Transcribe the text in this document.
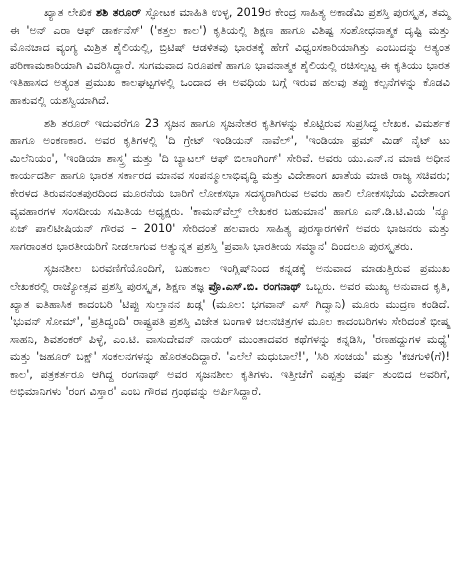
ಖ್ಯಾತ ಲೇಖಿಕ ಶಶಿ ತರೂರ್ ಸ್ಫೋಟಕ ಮಾಹಿತಿ ಉಳ್ಳ, 2019ರ ಕೇಂದ್ರ ಸಾಹಿತ್ಯ ಅಕಾಡೆಮಿ ಪ್ರಶಸ್ತಿ ಪುರಸ್ಕೃತ, ತಮ್ಮ ಈ 'ಅನ್ ಎರಾ ಆಫ್ ಡಾರ್ಕನೆಸ್' ('ಕತ್ತಲ ಕಾಲ') ಕೃತಿಯಲ್ಲಿ ಶಿಕ್ಷಣ ಹಾಗೂ ವಿಶಿಷ್ಟ ಸಂಶೋಧನಾತ್ಮಕ ದೃಷ್ಟಿ ಮತ್ತು ಮೊನಚಾದ ವ್ಯಂಗ್ಯ ಮಿಶ್ರಿತ ಶೈಲಿಯಲ್ಲಿ, ಬ್ರಿಟಿಷ್ ಆಡಳಿತವು ಭಾರತಕ್ಕೆ ಹೇಗೆ ವಿಧ್ವಂಸಕಾರಿಯಾಗಿತ್ತು ಎಂಬುದನ್ನು ಅತ್ಯಂತ ಪರಿಣಾಮಕಾರಿಯಾಗಿ ವಿವರಿಸಿದ್ದಾರೆ. ಸುಗಮವಾದ ನಿರೂಪಣೆ ಹಾಗೂ ಭಾವನಾತ್ಮಕ ಶೈಲಿಯಲ್ಲಿ ರಚಿಸಲ್ಪಟ್ಟ ಈ ಕೃತಿಯು ಭಾರತ ಇತಿಹಾಸದ ಅತ್ಯಂತ ಪ್ರಮುಖ ಕಾಲಘಟ್ಟಗಳಲ್ಲಿ ಒಂದಾದ ಈ ಅವಧಿಯ ಬಗ್ಗೆ ಇರುವ ಹಲವು ತಪ್ಪು ಕಲ್ಪನೆಗಳನ್ನು ಕೊಡವಿ ಹಾಕುವಲ್ಲಿ ಯಶಸ್ವಿಯಾಗಿದೆ.

ಶಶಿ ತರೂರ್ ಇದುವರೆಗೂ 23 ಸೃಜನ ಹಾಗೂ ಸೃಜನೇತರ ಕೃತಿಗಳನ್ನು ಕೊಟ್ಟಿರುವ ಸುಪ್ರಸಿದ್ಧ ಲೇಖಕ. ವಿಮರ್ಶಕ ಹಾಗೂ ಅಂಕಣಕಾರ. ಅವರ ಕೃತಿಗಳಲ್ಲಿ 'ದಿ ಗ್ರೇಟ್ ಇಂಡಿಯನ್ ನಾವೆಲ್', 'ಇಂಡಿಯಾ ಫ್ರಮ್ ಮಿಡ್ ನೈಟ್ ಟು ಮಿಲೆನಿಯಂ', 'ಇಂಡಿಯಾ ಶಾಸ್ತ್ರ' ಮತ್ತು 'ದಿ ಬ್ಯಾಟಲ್ ಆಫ್ ಬಿಲಾಂಗಿಂಗ್' ಸೇರಿವೆ. ಅವರು ಯು.ಎನ್.ನ ಮಾಜಿ ಅಧೀನ ಕಾರ್ಯದರ್ಶಿ ಹಾಗೂ ಭಾರತ ಸರ್ಕಾರದ ಮಾನವ ಸಂಪನ್ಮೂಲಾಭಿವೃದ್ಧಿ ಮತ್ತು ವಿದೇಶಾಂಗ ಖಾತೆಯ ಮಾಜಿ ರಾಜ್ಯ ಸಚಿವರು; ಕೇರಳದ ತಿರುವನಂತಪುರದಿಂದ ಮೂರನೆಯ ಬಾರಿಗೆ ಲೋಕಸಭಾ ಸದಸ್ಯರಾಗಿರುವ ಅವರು ಹಾಲಿ ಲೋಕಸಭೆಯ ವಿದೇಶಾಂಗ ವ್ಯವಹಾರಗಳ ಸಂಸದೀಯ ಸಮಿತಿಯ ಅಧ್ಯಕ್ಷರು. 'ಕಾಮನ್‌ವೆಲ್ತ್ ಲೇಖಕರ ಬಹುಮಾನ' ಹಾಗೂ ಎನ್.ಡಿ.ಟಿ.ವಿಯ 'ನ್ಯೂ ಏಜ್ ಪಾಲಿಟೀಷಿಯನ್ ಗೌರವ – 2010' ಸೇರಿದಂತೆ ಹಲವಾರು ಸಾಹಿತ್ಯ ಪುರಸ್ಕಾರಗಳಿಗೆ ಅವರು ಭಾಜನರು ಮತ್ತು ಸಾಗರಾಂತರ ಭಾರತೀಯರಿಗೆ ನೀಡಲಾಗುವ ಅತ್ಯುನ್ನತ ಪ್ರಶಸ್ತಿ 'ಪ್ರವಾಸಿ ಭಾರತೀಯ ಸಮ್ಮಾನ' ದಿಂದಲೂ ಪುರಸ್ಕೃತರು.

ಸೃಜನಶೀಲ ಬರವಣಿಗೆಯೊಂದಿಗೆ, ಬಹುಕಾಲ ಇಂಗ್ಲಿಷ್‌ನಿಂದ ಕನ್ನಡಕ್ಕೆ ಅನುವಾದ ಮಾಡುತ್ತಿರುವ ಪ್ರಮುಖ ಲೇಖಕರಲ್ಲಿ ರಾಜ್ಯೋತ್ಸವ ಪ್ರಶಸ್ತಿ ಪುರಸ್ಕೃತ, ಶಿಕ್ಷಣ ತಜ್ಞ ಪ್ರೊ.ಎಸ್.ಬಿ. ರಂಗನಾಥ್ ಒಬ್ಬರು. ಅವರ ಮುಖ್ಯ ಅನುವಾದ ಕೃತಿ, ಖ್ಯಾತ ಐತಿಹಾಸಿಕ ಕಾದಂಬರಿ 'ಟಿಪ್ಪು ಸುಲ್ತಾನನ ಖಡ್ಗ' (ಮೂಲ: ಭಗವಾನ್ ಎಸ್ ಗಿದ್ವಾನಿ) ಮೂರು ಮುದ್ರಣ ಕಂಡಿದೆ. 'ಭುವನ್ ಸೋಮ್', 'ಪ್ರತಿದ್ವಂದಿ' ರಾಷ್ಟ್ರಪತಿ ಪ್ರಶಸ್ತಿ ವಿಜೇತ ಬಂಗಾಳಿ ಚಲನಚಿತ್ರಗಳ ಮೂಲ ಕಾದಂಬರಿಗಳು ಸೇರಿದಂತೆ ಭೀಷ್ಮ ಸಾಹನಿ, ಶಿವಶಂಕರ್ ಪಿಳ್ಳೆ, ಎಂ.ಟಿ. ವಾಸುದೇವನ್ ನಾಯರ್ ಮುಂತಾದವರ ಕಥೆಗಳನ್ನು ಕನ್ನಡಿಸಿ, 'ರಣಹದ್ದುಗಳ ಮಧ್ಯೆ' ಮತ್ತು 'ಜಹೂರ್ ಬಕ್ಷ್' ಸಂಕಲನಗಳನ್ನು ಹೊರತಂದಿದ್ದಾರೆ. 'ಎಲೆಲೆ ಮಧುಬಾಲೆ!', 'ಸಿರಿ ಸಂಚಯ' ಮತ್ತು 'ಕಚಗುಳಿ(ಗೆ)! ಕಾಲ', ಪತ್ರಕರ್ತರೂ ಆಗಿದ್ದ ರಂಗನಾಥ್ ಅವರ ಸೃಜನಶೀಲ ಕೃತಿಗಳು. ಇತ್ತೀಚೆಗೆ ಎಪ್ಪತ್ತು ವರ್ಷ ತುಂಬಿದ ಅವರಿಗೆ, ಅಭಿಮಾನಿಗಳು 'ರಂಗ ವಿಸ್ತಾರ' ಎಂಬ ಗೌರವ ಗ್ರಂಥವನ್ನು ಅರ್ಪಿಸಿದ್ದಾರೆ.
